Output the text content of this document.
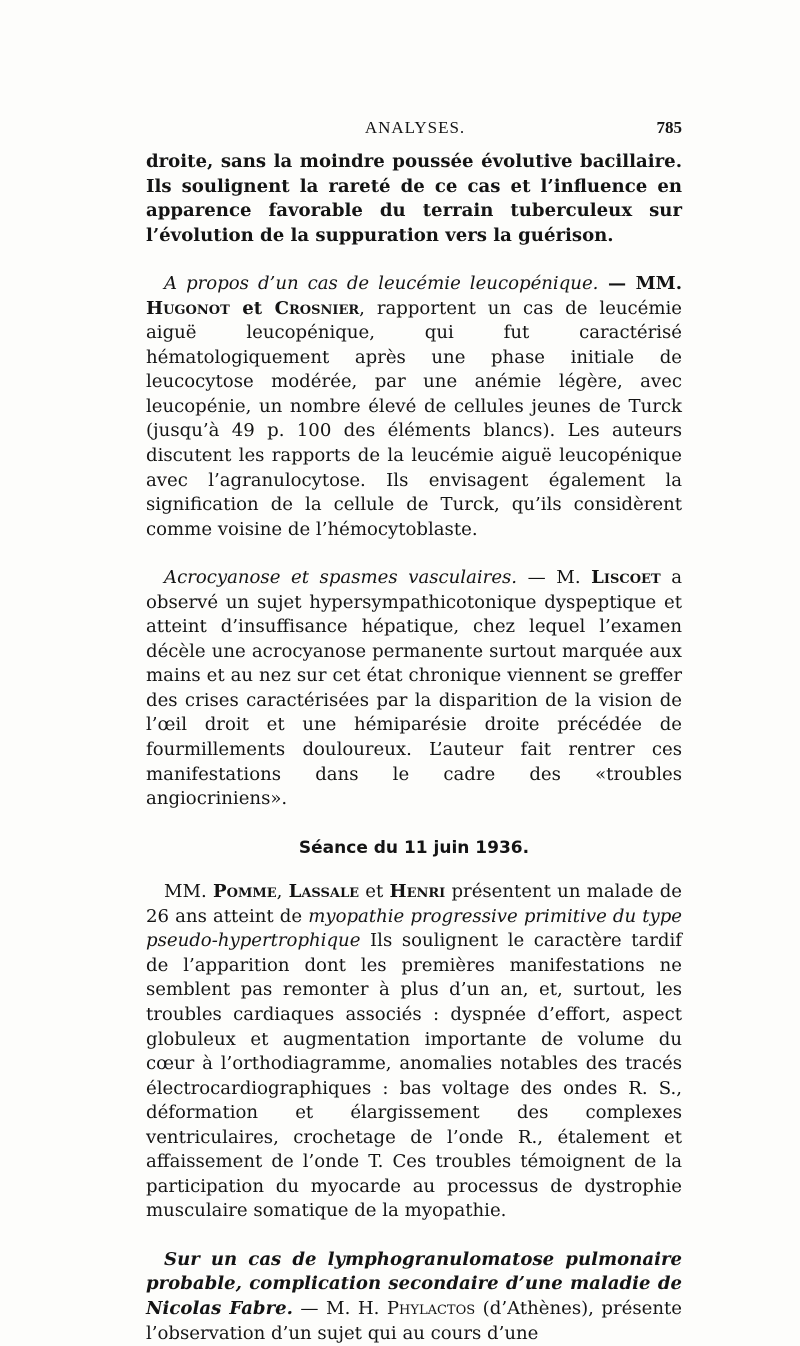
ANALYSES.	785

droite, sans la moindre poussée évolutive bacillaire. Ils soulignent la rareté de ce cas et l’influence en apparence favorable du terrain tuberculeux sur l’évolution de la suppuration vers la guérison.

A propos d’un cas de leucémie leucopénique. — MM. Hugonot et Crosnier, rapportent un cas de leucémie aiguë leucopénique, qui fut caractérisé hématologiquement après une phase initiale de leucocytose modérée, par une anémie légère, avec leucopénie, un nombre élevé de cellules jeunes de Turck (jusqu’à 49 p. 100 des éléments blancs). Les auteurs discutent les rapports de la leucémie aiguë leucopénique avec l’agranulocytose. Ils envisagent également la signification de la cellule de Turck, qu’ils considèrent comme voisine de l’hémocytoblaste.

Acrocyanose et spasmes vasculaires. — M. Liscoet a observé un sujet hypersympathicotonique dyspeptique et atteint d’insuffisance hépatique, chez lequel l’examen décèle une acrocyanose permanente surtout marquée aux mains et au nez sur cet état chronique viennent se greffer des crises caractérisées par la disparition de la vision de l’œil droit et une hémiparésie droite précédée de fourmillements douloureux. L’auteur fait rentrer ces manifestations dans le cadre des «troubles angiocriniens».

Séance du 11 juin 1936.

MM. Pomme, Lassale et Henri présentent un malade de 26 ans atteint de myopathie progressive primitive du type pseudo-hypertrophique Ils soulignent le caractère tardif de l’apparition dont les premières manifestations ne semblent pas remonter à plus d’un an, et, surtout, les troubles cardiaques associés : dyspnée d’effort, aspect globuleux et augmentation importante de volume du cœur à l’orthodiagramme, anomalies notables des tracés électrocardiographiques : bas voltage des ondes R. S., déformation et élargissement des complexes ventriculaires, crochetage de l’onde R., étalement et affaissement de l’onde T. Ces troubles témoignent de la participation du myocarde au processus de dystrophie musculaire somatique de la myopathie.

Sur un cas de lymphogranulomatose pulmonaire probable, complication secondaire d’une maladie de Nicolas Fabre. — M. H. Phylactos (d’Athènes), présente l’observation d’un sujet qui au cours d’une
